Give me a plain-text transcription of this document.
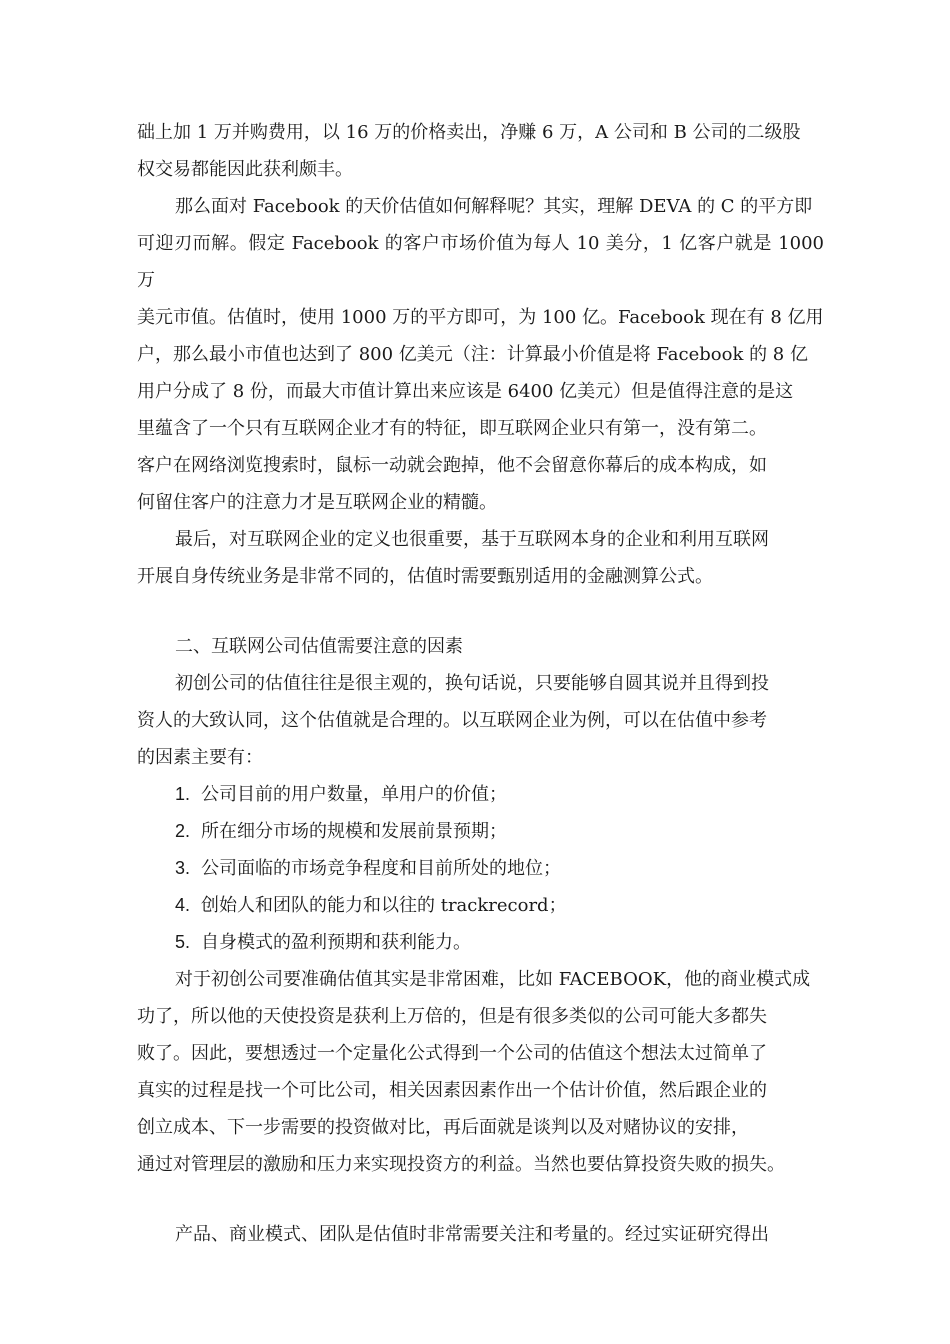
础上加 1 万并购费用，以 16 万的价格卖出，净赚 6 万，A 公司和 B 公司的二级股
权交易都能因此获利颇丰。

那么面对 Facebook 的天价估值如何解释呢？其实，理解 DEVA 的 C 的平方即
可迎刃而解。假定 Facebook 的客户市场价值为每人 10 美分，1 亿客户就是 1000 万
美元市值。估值时，使用 1000 万的平方即可，为 100 亿。Facebook 现在有 8 亿用
户，那么最小市值也达到了 800 亿美元（注：计算最小价值是将 Facebook 的 8 亿
用户分成了 8 份，而最大市值计算出来应该是 6400 亿美元）但是值得注意的是这
里蕴含了一个只有互联网企业才有的特征，即互联网企业只有第一，没有第二。
客户在网络浏览搜索时，鼠标一动就会跑掉，他不会留意你幕后的成本构成，如
何留住客户的注意力才是互联网企业的精髓。

最后，对互联网企业的定义也很重要，基于互联网本身的企业和利用互联网
开展自身传统业务是非常不同的，估值时需要甄别适用的金融测算公式。

二、互联网公司估值需要注意的因素

初创公司的估值往往是很主观的，换句话说，只要能够自圆其说并且得到投
资人的大致认同，这个估值就是合理的。以互联网企业为例，可以在估值中参考
的因素主要有：

1. 公司目前的用户数量，单用户的价值；
2. 所在细分市场的规模和发展前景预期；
3. 公司面临的市场竞争程度和目前所处的地位；
4. 创始人和团队的能力和以往的 trackrecord；
5. 自身模式的盈利预期和获利能力。

对于初创公司要准确估值其实是非常困难，比如 FACEBOOK，他的商业模式成
功了，所以他的天使投资是获利上万倍的，但是有很多类似的公司可能大多都失
败了。因此，要想透过一个定量化公式得到一个公司的估值这个想法太过简单了
真实的过程是找一个可比公司，相关因素因素作出一个估计价值，然后跟企业的
创立成本、下一步需要的投资做对比，再后面就是谈判以及对赌协议的安排，
通过对管理层的激励和压力来实现投资方的利益。当然也要估算投资失败的损失。

产品、商业模式、团队是估值时非常需要关注和考量的。经过实证研究得出
